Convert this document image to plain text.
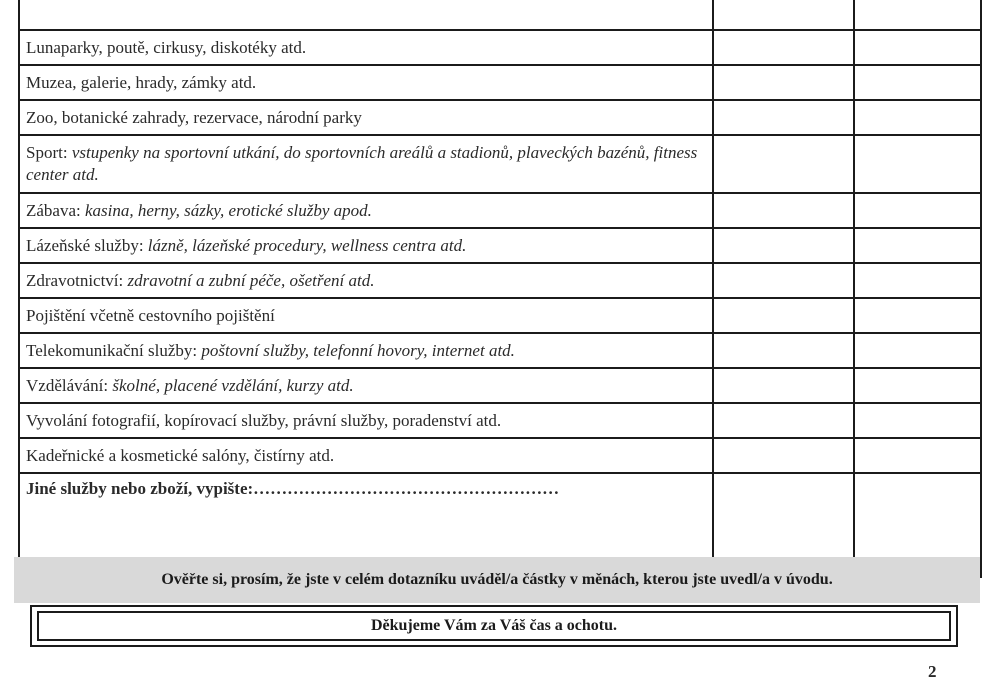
Lunaparky, poutě, cirkusy, diskotéky atd.		
Muzea, galerie, hrady, zámky atd.		
Zoo, botanické zahrady, rezervace, národní parky		
Sport: vstupenky na sportovní utkání, do sportovních areálů a stadionů, plaveckých bazénů, fitness center atd.		
Zábava: kasina, herny, sázky, erotické služby apod.		
Lázeňské služby: lázně, lázeňské procedury, wellness centra atd.		
Zdravotnictví: zdravotní a zubní péče, ošetření atd.		
Pojištění včetně cestovního pojištění		
Telekomunikační služby: poštovní služby, telefonní hovory, internet atd.		
Vzdělávání: školné, placené vzdělání, kurzy atd.		
Vyvolání fotografií, kopírovací služby, právní služby, poradenství atd.		
Kadeřnické a kosmetické salóny, čistírny atd.		
Jiné služby nebo zboží, vypište:………………………………………………		
Ověřte si, prosím, že jste v celém dotazníku uváděl/a částky v měnách, kterou jste uvedl/a v úvodu.
Děkujeme Vám za Váš čas a ochotu.
2
